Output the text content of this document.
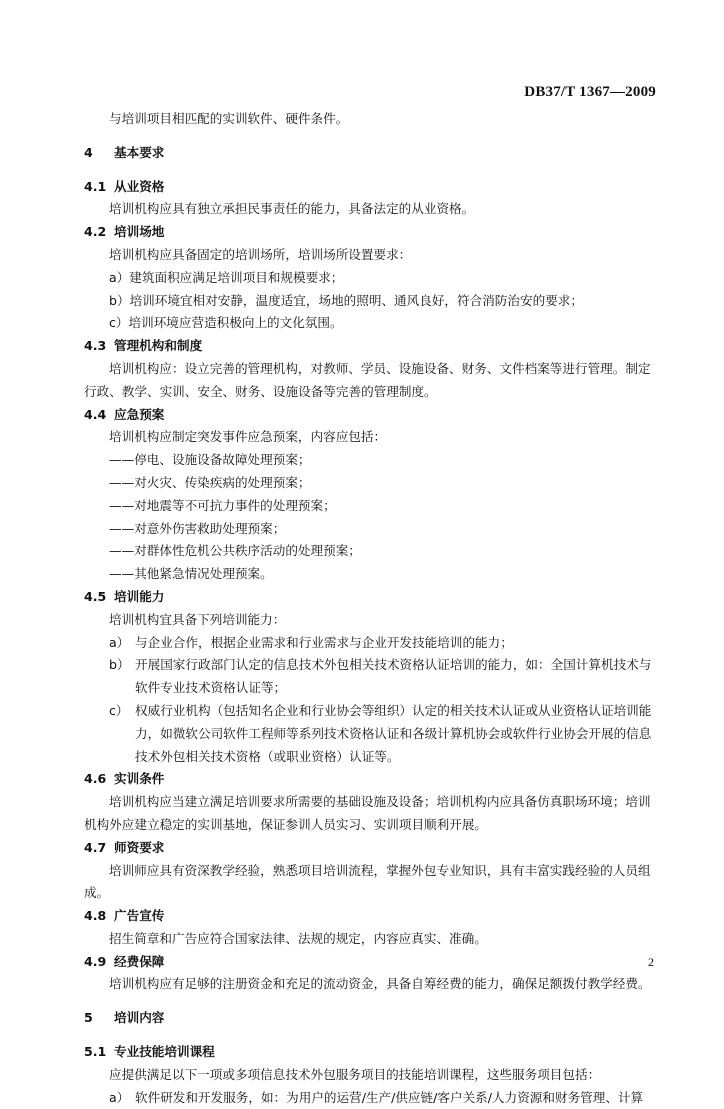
DB37/T 1367—2009

与培训项目相匹配的实训软件、硬件条件。

4 基本要求

4.1 从业资格

培训机构应具有独立承担民事责任的能力，具备法定的从业资格。

4.2 培训场地

培训机构应具备固定的培训场所，培训场所设置要求：

a）建筑面积应满足培训项目和规模要求；

b）培训环境宜相对安静，温度适宜，场地的照明、通风良好，符合消防治安的要求；

c）培训环境应营造积极向上的文化氛围。

4.3 管理机构和制度

培训机构应：设立完善的管理机构，对教师、学员、设施设备、财务、文件档案等进行管理。制定行政、教学、实训、安全、财务、设施设备等完善的管理制度。

4.4 应急预案

培训机构应制定突发事件应急预案，内容应包括：

——停电、设施设备故障处理预案；

——对火灾、传染疾病的处理预案；

——对地震等不可抗力事件的处理预案；

——对意外伤害救助处理预案；

——对群体性危机公共秩序活动的处理预案；

——其他紧急情况处理预案。

4.5 培训能力

培训机构宜具备下列培训能力：

a） 与企业合作，根据企业需求和行业需求与企业开发技能培训的能力；
b） 开展国家行政部门认定的信息技术外包相关技术资格认证培训的能力，如：全国计算机技术与软件专业技术资格认证等；
c） 权威行业机构（包括知名企业和行业协会等组织）认定的相关技术认证或从业资格认证培训能力，如微软公司软件工程师等系列技术资格认证和各级计算机协会或软件行业协会开展的信息技术外包相关技术资格（或职业资格）认证等。

4.6 实训条件

培训机构应当建立满足培训要求所需要的基础设施及设备；培训机构内应具备仿真职场环境；培训机构外应建立稳定的实训基地，保证参训人员实习、实训项目顺利开展。

4.7 师资要求

培训师应具有资深教学经验，熟悉项目培训流程，掌握外包专业知识，具有丰富实践经验的人员组成。

4.8 广告宣传

招生简章和广告应符合国家法律、法规的规定，内容应真实、准确。

4.9 经费保障

培训机构应有足够的注册资金和充足的流动资金，具备自筹经费的能力，确保足额拨付教学经费。

5 培训内容

5.1 专业技能培训课程

应提供满足以下一项或多项信息技术外包服务项目的技能培训课程，这些服务项目包括：

a） 软件研发和开发服务，如：为用户的运营/生产/供应链/客户关系/人力资源和财务管理、计算
2
